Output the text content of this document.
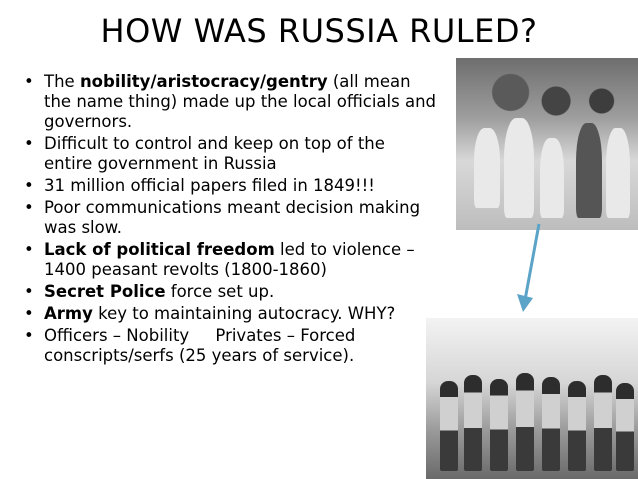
HOW WAS RUSSIA RULED?
• The nobility/aristocracy/gentry (all mean the name thing) made up the local officials and governors.
• Difficult to control and keep on top of the entire government in Russia
• 31 million official papers filed in 1849!!!
• Poor communications meant decision making was slow.
• Lack of political freedom led to violence – 1400 peasant revolts (1800-1860)
• Secret Police force set up.
• Army key to maintaining autocracy. WHY?
• Officers – Nobility     Privates – Forced conscripts/serfs (25 years of service).
